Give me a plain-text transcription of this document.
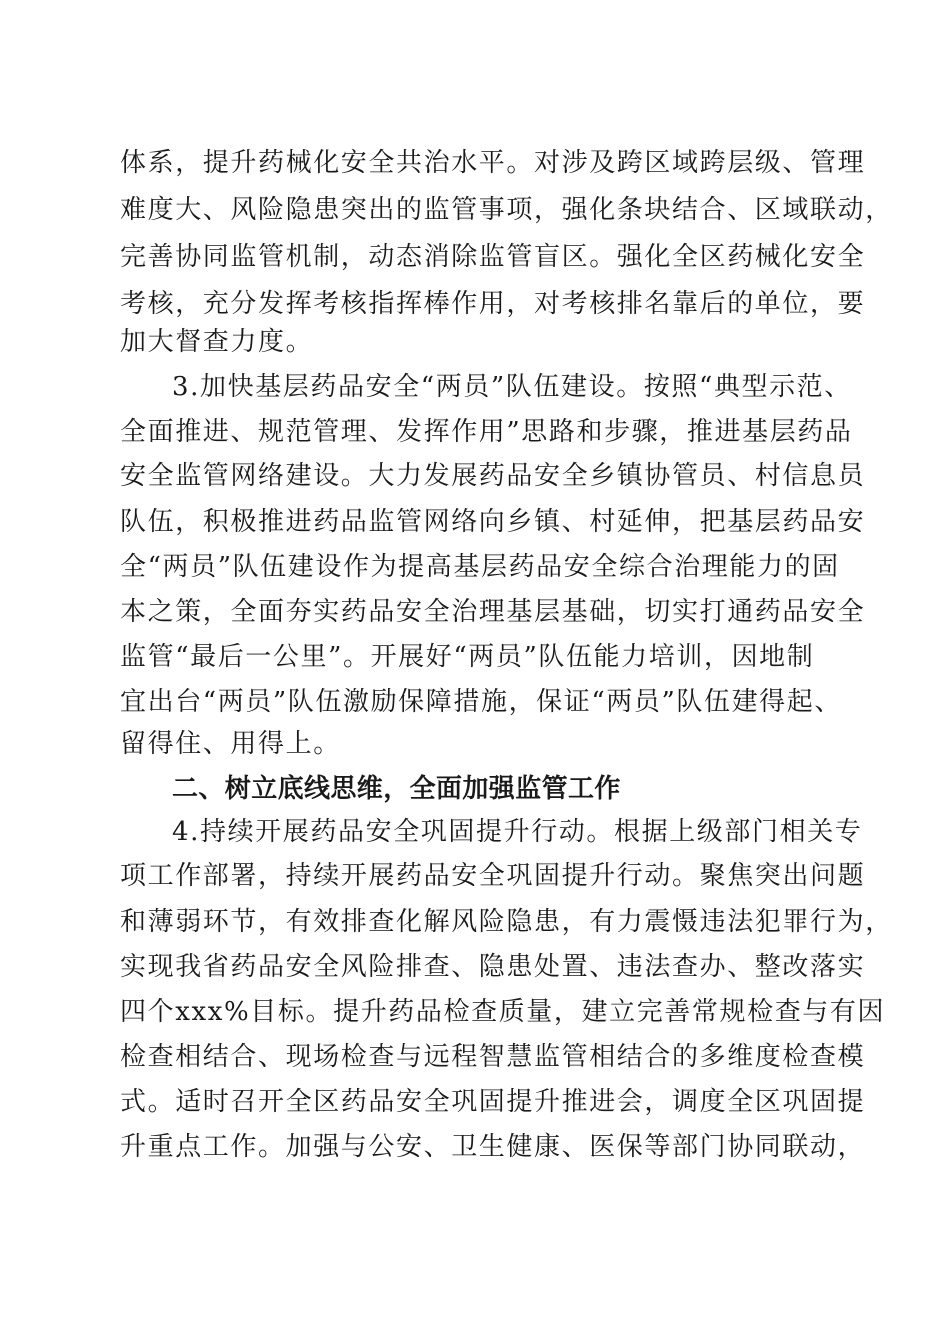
体系，提升药械化安全共治水平。对涉及跨区域跨层级、管理
难度大、风险隐患突出的监管事项，强化条块结合、区域联动，
完善协同监管机制，动态消除监管盲区。强化全区药械化安全
考核，充分发挥考核指挥棒作用，对考核排名靠后的单位，要
加大督查力度。
3.加快基层药品安全“两员”队伍建设。按照“典型示范、
全面推进、规范管理、发挥作用”思路和步骤，推进基层药品
安全监管网络建设。大力发展药品安全乡镇协管员、村信息员
队伍，积极推进药品监管网络向乡镇、村延伸，把基层药品安
全“两员”队伍建设作为提高基层药品安全综合治理能力的固
本之策，全面夯实药品安全治理基层基础，切实打通药品安全
监管“最后一公里”。开展好“两员”队伍能力培训，因地制
宜出台“两员”队伍激励保障措施，保证“两员”队伍建得起、
留得住、用得上。
二、树立底线思维，全面加强监管工作
4.持续开展药品安全巩固提升行动。根据上级部门相关专
项工作部署，持续开展药品安全巩固提升行动。聚焦突出问题
和薄弱环节，有效排查化解风险隐患，有力震慑违法犯罪行为，
实现我省药品安全风险排查、隐患处置、违法查办、整改落实
四个xxx%目标。提升药品检查质量，建立完善常规检查与有因
检查相结合、现场检查与远程智慧监管相结合的多维度检查模
式。适时召开全区药品安全巩固提升推进会，调度全区巩固提
升重点工作。加强与公安、卫生健康、医保等部门协同联动，
